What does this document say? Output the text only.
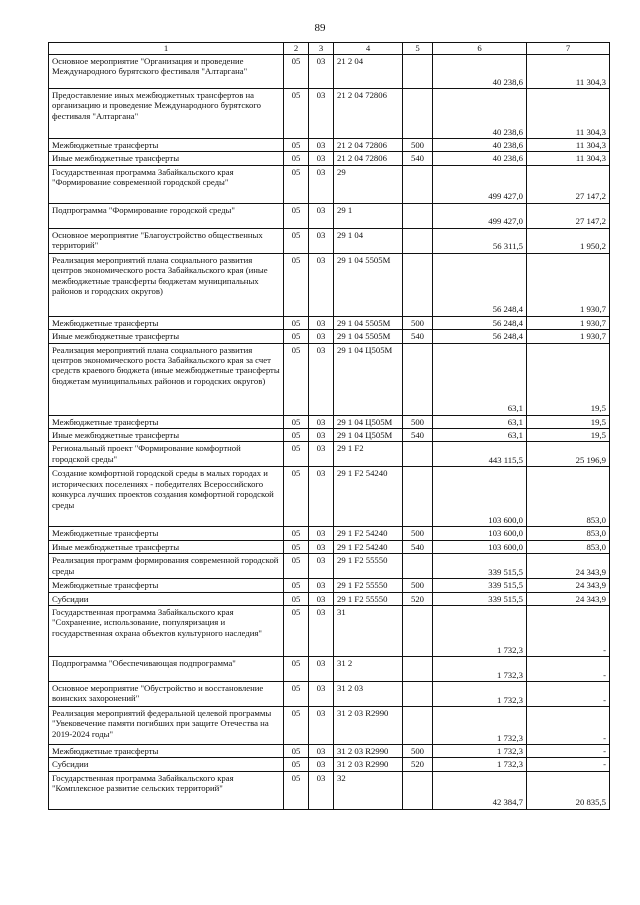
89
1	2	3	4	5	6	7
Основное мероприятие "Организация и проведение Международного бурятского фестиваля "Алтаргана"	05	03	21 2 04		40 238,6	11 304,3
Предоставление иных межбюджетных трансфертов на организацию и проведение Международного бурятского фестиваля "Алтаргана"	05	03	21 2 04 72806		40 238,6	11 304,3
Межбюджетные трансферты	05	03	21 2 04 72806	500	40 238,6	11 304,3
Иные межбюджетные трансферты	05	03	21 2 04 72806	540	40 238,6	11 304,3
Государственная программа Забайкальского края "Формирование современной городской среды"	05	03	29		499 427,0	27 147,2
Подпрограмма "Формирование городской среды"	05	03	29 1		499 427,0	27 147,2
Основное мероприятие "Благоустройство общественных территорий"	05	03	29 1 04		56 311,5	1 950,2
Реализация мероприятий плана социального развития центров экономического роста Забайкальского края (иные межбюджетные трансферты бюджетам муниципальных районов и городских округов)	05	03	29 1 04 5505M		56 248,4	1 930,7
Межбюджетные трансферты	05	03	29 1 04 5505M	500	56 248,4	1 930,7
Иные межбюджетные трансферты	05	03	29 1 04 5505M	540	56 248,4	1 930,7
Реализация мероприятий плана социального развития центров экономического роста Забайкальского края за счет средств краевого бюджета (иные межбюджетные трансферты бюджетам муниципальных районов и городских округов)	05	03	29 1 04 Ц505M		63,1	19,5
Межбюджетные трансферты	05	03	29 1 04 Ц505M	500	63,1	19,5
Иные межбюджетные трансферты	05	03	29 1 04 Ц505M	540	63,1	19,5
Региональный проект "Формирование комфортной городской среды"	05	03	29 1 F2		443 115,5	25 196,9
Создание комфортной городской среды в малых городах и исторических поселениях - победителях Всероссийского конкурса лучших проектов создания комфортной городской среды	05	03	29 1 F2 54240		103 600,0	853,0
Межбюджетные трансферты	05	03	29 1 F2 54240	500	103 600,0	853,0
Иные межбюджетные трансферты	05	03	29 1 F2 54240	540	103 600,0	853,0
Реализация программ формирования современной городской среды	05	03	29 1 F2 55550		339 515,5	24 343,9
Межбюджетные трансферты	05	03	29 1 F2 55550	500	339 515,5	24 343,9
Субсидии	05	03	29 1 F2 55550	520	339 515,5	24 343,9
Государственная программа Забайкальского края "Сохранение, использование, популяризация и государственная охрана объектов культурного наследия"	05	03	31		1 732,3	-
Подпрограмма "Обеспечивающая подпрограмма"	05	03	31 2		1 732,3	-
Основное мероприятие "Обустройство и восстановление воинских захоронений"	05	03	31 2 03		1 732,3	-
Реализация мероприятий федеральной целевой программы "Увековечение памяти погибших при защите Отечества на 2019-2024 годы"	05	03	31 2 03 R2990		1 732,3	-
Межбюджетные трансферты	05	03	31 2 03 R2990	500	1 732,3	-
Субсидии	05	03	31 2 03 R2990	520	1 732,3	-
Государственная программа Забайкальского края "Комплексное развитие сельских территорий"	05	03	32		42 384,7	20 835,5
